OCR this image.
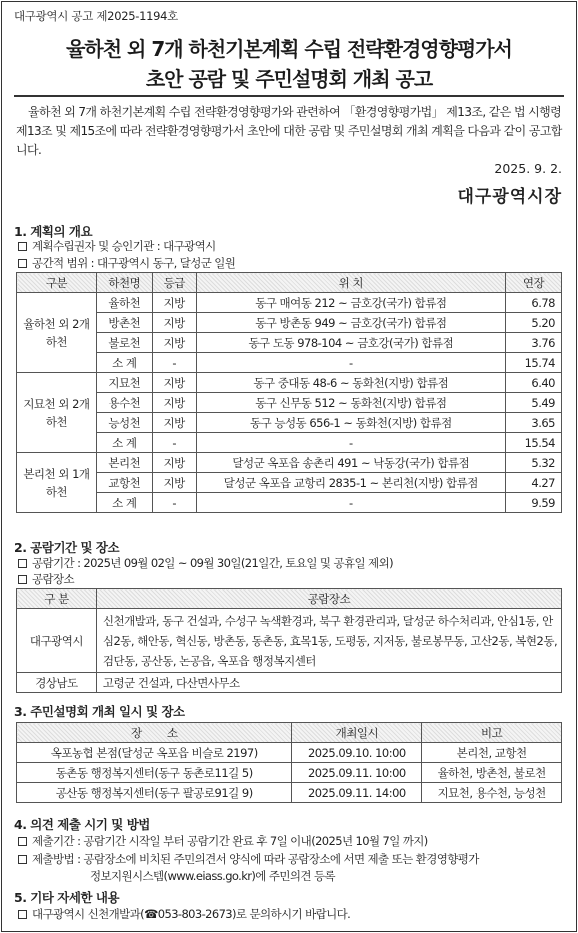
대구광역시 공고 제2025-1194호
율하천 외 7개 하천기본계획 수립 전략환경영향평가서
초안 공람 및 주민설명회 개최 공고
율하천 외 7개 하천기본계획 수립 전략환경영향평가와 관련하여 「환경영향평가법」 제13조, 같은 법 시행령 제13조 및 제15조에 따라 전략환경영향평가서 초안에 대한 공람 및 주민설명회 개최 계획을 다음과 같이 공고합니다.
2025. 9. 2.
대구광역시장
1. 계획의 개요
계획수립권자 및 승인기관 : 대구광역시
공간적 범위 : 대구광역시 동구, 달성군 일원
구분	하천명	등급	위 치	연장
율하천 외 2개 하천	율하천	지방	동구 매여동 212 ~ 금호강(국가) 합류점	6.78
	방촌천	지방	동구 방촌동 949 ~ 금호강(국가) 합류점	5.20
	불로천	지방	동구 도동 978-104 ~ 금호강(국가) 합류점	3.76
	소 계	-	-	15.74
지묘천 외 2개 하천	지묘천	지방	동구 중대동 48-6 ~ 동화천(지방) 합류점	6.40
	용수천	지방	동구 신무동 512 ~ 동화천(지방) 합류점	5.49
	능성천	지방	동구 능성동 656-1 ~ 동화천(지방) 합류점	3.65
	소 계	-	-	15.54
본리천 외 1개 하천	본리천	지방	달성군 옥포읍 송촌리 491 ~ 낙동강(국가) 합류점	5.32
	교항천	지방	달성군 옥포읍 교항리 2835-1 ~ 본리천(지방) 합류점	4.27
	소 계	-	-	9.59
2. 공람기간 및 장소
공람기간 : 2025년 09월 02일 ~ 09월 30일(21일간, 토요일 및 공휴일 제외)
공람장소
구 분	공람장소
대구광역시	신천개발과, 동구 건설과, 수성구 녹색환경과, 북구 환경관리과, 달성군 하수처리과, 안심1동, 안심2동, 해안동, 혁신동, 방촌동, 동촌동, 효목1동, 도평동, 지저동, 불로봉무동, 고산2동, 복현2동, 검단동, 공산동, 논공읍, 옥포읍 행정복지센터
경상남도	고령군 건설과, 다산면사무소
3. 주민설명회 개최 일시 및 장소
장        소	개최일시	비고
옥포농협 본점(달성군 옥포읍 비슬로 2197)	2025.09.10. 10:00	본리천, 교항천
동촌동 행정복지센터(동구 동촌로11길 5)	2025.09.11. 10:00	율하천, 방촌천, 불로천
공산동 행정복지센터(동구 팔공로91길 9)	2025.09.11. 14:00	지묘천, 용수천, 능성천
4. 의견 제출 시기 및 방법
제출기간 : 공람기간 시작일 부터 공람기간 완료 후 7일 이내(2025년 10월 7일 까지)
제출방법 : 공람장소에 비치된 주민의견서 양식에 따라 공람장소에 서면 제출 또는 환경영향평가
정보지원시스템(www.eiass.go.kr)에 주민의견 등록
5. 기타 자세한 내용
대구광역시 신천개발과(☎053-803-2673)로 문의하시기 바랍니다.
